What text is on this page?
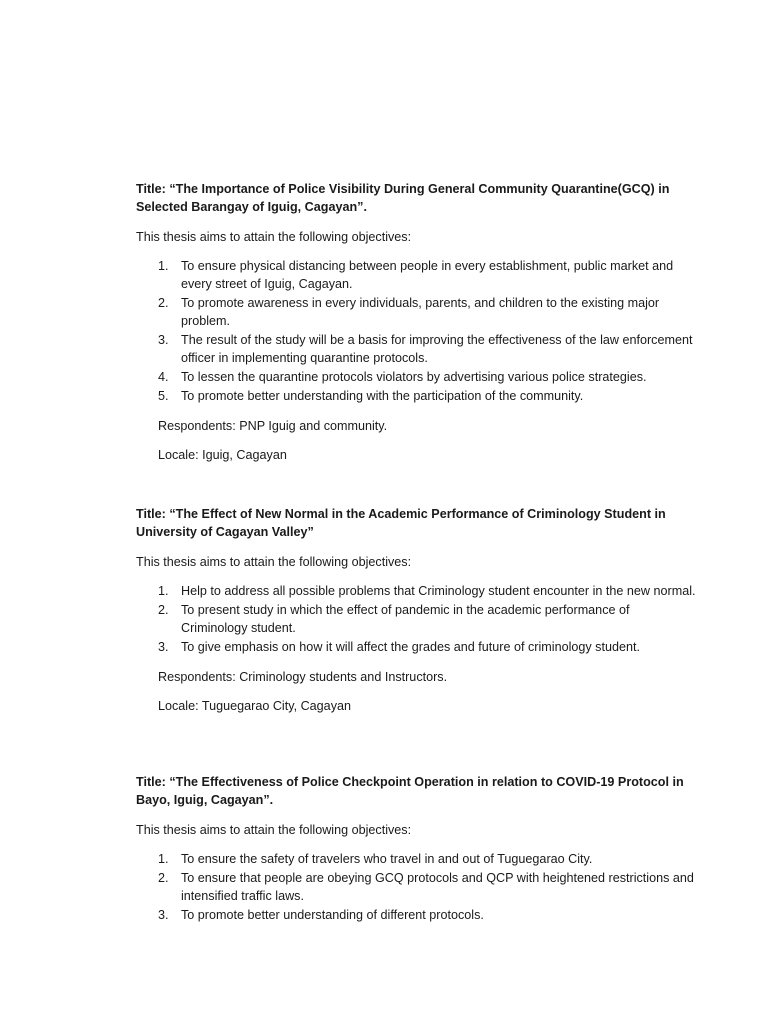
Title: “The Importance of Police Visibility During General Community Quarantine(GCQ) in Selected Barangay of Iguig, Cagayan”.

This thesis aims to attain the following objectives:

1. To ensure physical distancing between people in every establishment, public market and every street of Iguig, Cagayan.
2. To promote awareness in every individuals, parents, and children to the existing major problem.
3. The result of the study will be a basis for improving the effectiveness of the law enforcement officer in implementing quarantine protocols.
4. To lessen the quarantine protocols violators by advertising various police strategies.
5. To promote better understanding with the participation of the community.

Respondents: PNP Iguig and community.

Locale: Iguig, Cagayan

Title: “The Effect of New Normal in the Academic Performance of Criminology Student in University of Cagayan Valley”

This thesis aims to attain the following objectives:

1. Help to address all possible problems that Criminology student encounter in the new normal.
2. To present study in which the effect of pandemic in the academic performance of Criminology student.
3. To give emphasis on how it will affect the grades and future of criminology student.

Respondents: Criminology students and Instructors.

Locale: Tuguegarao City, Cagayan

Title: “The Effectiveness of Police Checkpoint Operation in relation to COVID-19 Protocol in Bayo, Iguig, Cagayan”.

This thesis aims to attain the following objectives:

1. To ensure the safety of travelers who travel in and out of Tuguegarao City.
2. To ensure that people are obeying GCQ protocols and QCP with heightened restrictions and intensified traffic laws.
3. To promote better understanding of different protocols.
